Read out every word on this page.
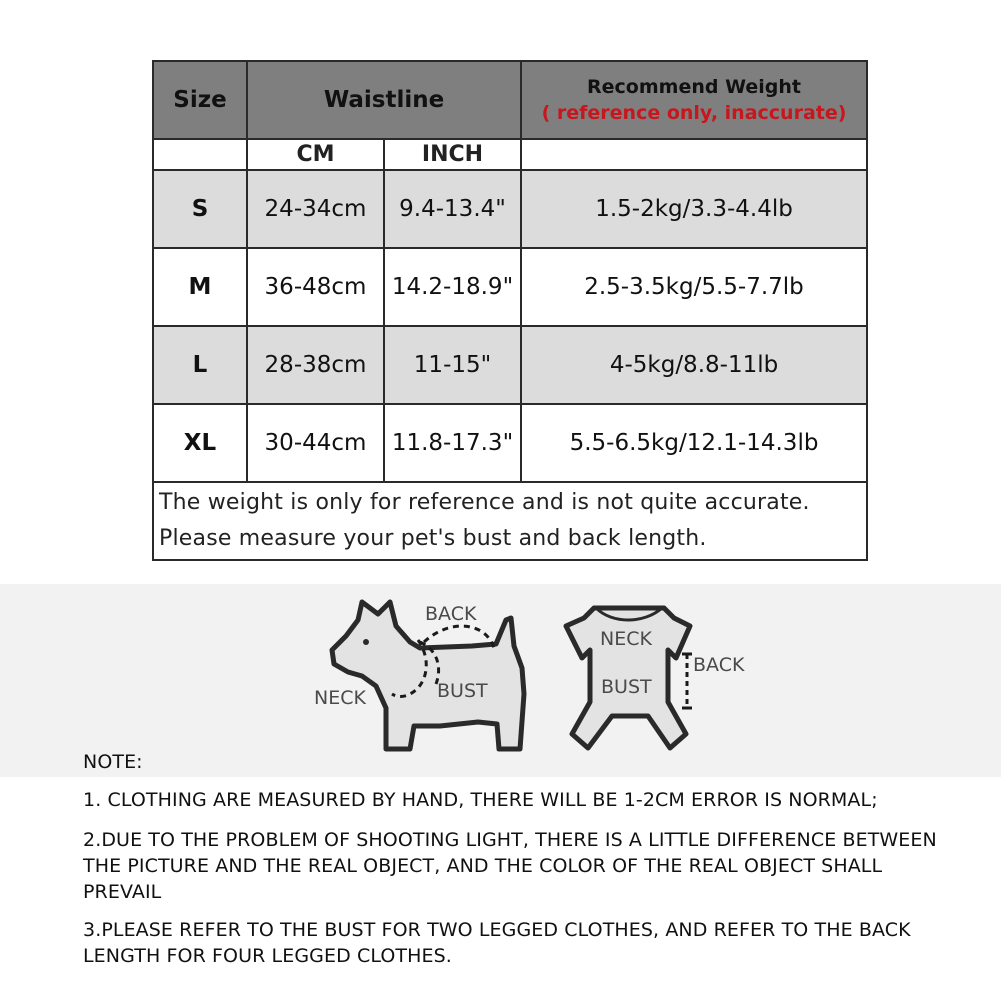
Size	Waistline		Recommend Weight
( reference only, inaccurate)

	CM	INCH	
S	24-34cm	9.4-13.4"	1.5-2kg/3.3-4.4lb
M	36-48cm	14.2-18.9"	2.5-3.5kg/5.5-7.7lb
L	28-38cm	11-15"	4-5kg/8.8-11lb
XL	30-44cm	11.8-17.3"	5.5-6.5kg/12.1-14.3lb

The weight is only for reference and is not quite accurate.
Please measure your pet's bust and back length.			
BACK
NECK	BUST
NECK
BACK
BUST
NOTE:
1. CLOTHING ARE MEASURED BY HAND, THERE WILL BE 1-2CM ERROR IS NORMAL;
2.DUE TO THE PROBLEM OF SHOOTING LIGHT, THERE IS A LITTLE DIFFERENCE BETWEEN THE PICTURE AND THE REAL OBJECT, AND THE COLOR OF THE REAL OBJECT SHALL PREVAIL
3.PLEASE REFER TO THE BUST FOR TWO LEGGED CLOTHES, AND REFER TO THE BACK LENGTH FOR FOUR LEGGED CLOTHES.
